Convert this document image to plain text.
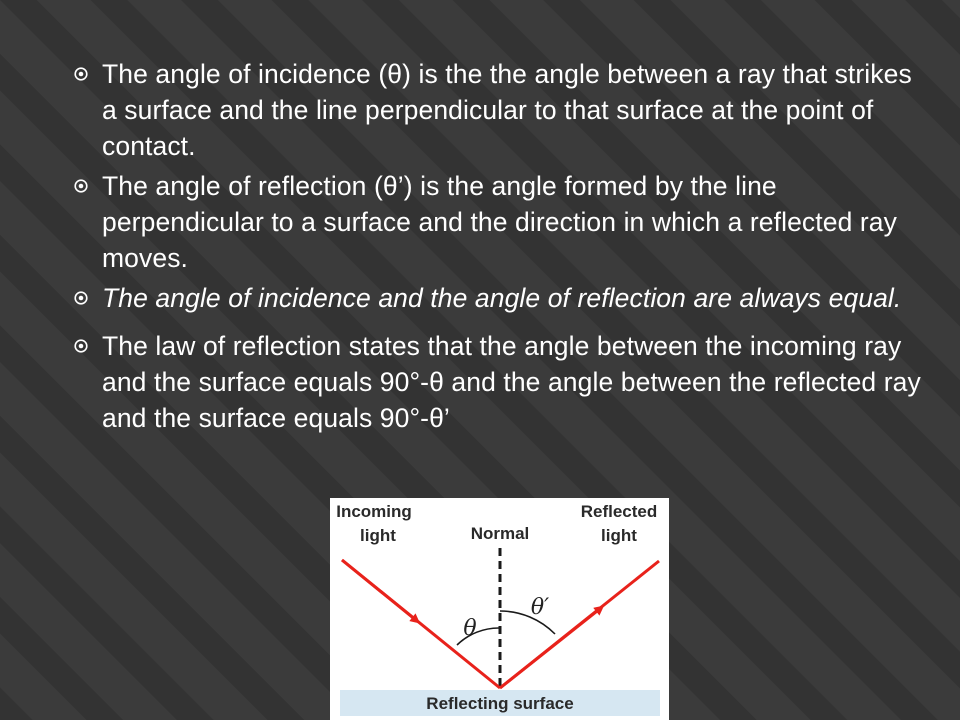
The angle of incidence (θ) is the the angle between a ray that strikes a surface and the line perpendicular to that surface at the point of contact.
The angle of reflection (θ’) is the angle formed by the line perpendicular to a surface and the direction in which a reflected ray moves.
The angle of incidence and the angle of reflection are always equal.
The law of reflection states that the angle between the incoming ray and the surface equals 90°-θ and the angle between the reflected ray and the surface equals 90°-θ’
Incoming
light	Normal
Reflected
light
θ
θ′
Reflecting surface
